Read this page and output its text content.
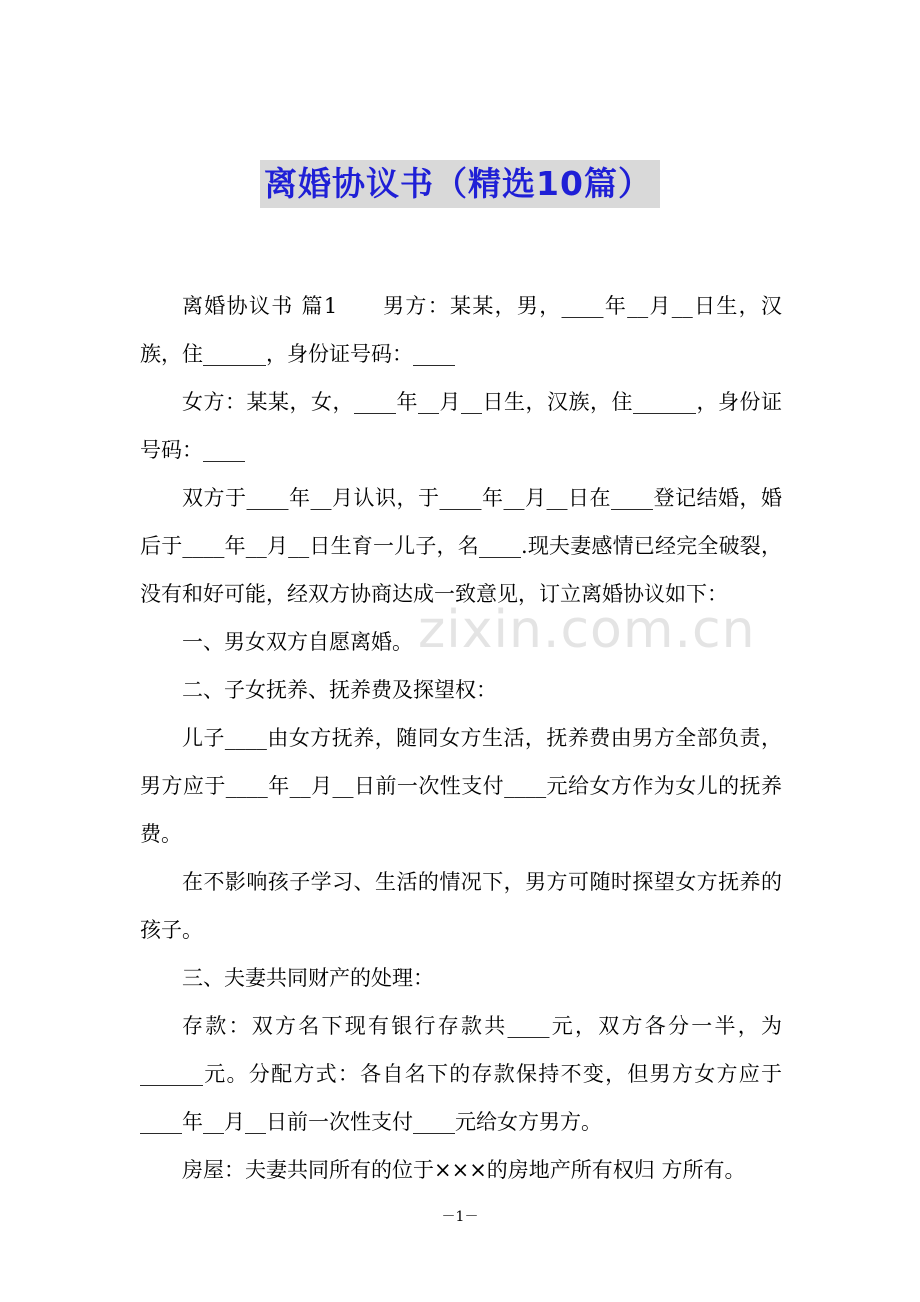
离婚协议书（精选10篇）

离婚协议书 篇1　　男方：某某，男，____年__月__日生，汉族，住______，身份证号码：____

女方：某某，女，____年__月__日生，汉族，住______，身份证号码：____

双方于____年__月认识，于____年__月__日在____登记结婚，婚后于____年__月__日生育一儿子，名____.现夫妻感情已经完全破裂，没有和好可能，经双方协商达成一致意见，订立离婚协议如下：

一、男女双方自愿离婚。

二、子女抚养、抚养费及探望权：

儿子____由女方抚养，随同女方生活，抚养费由男方全部负责，男方应于____年__月__日前一次性支付____元给女方作为女儿的抚养费。

在不影响孩子学习、生活的情况下，男方可随时探望女方抚养的孩子。

三、夫妻共同财产的处理：

存款：双方名下现有银行存款共____元，双方各分一半，为______元。分配方式：各自名下的存款保持不变，但男方女方应于____年__月__日前一次性支付____元给女方男方。

房屋：夫妻共同所有的位于×××的房地产所有权归 方所有。

zixin.com.cn
－1－
